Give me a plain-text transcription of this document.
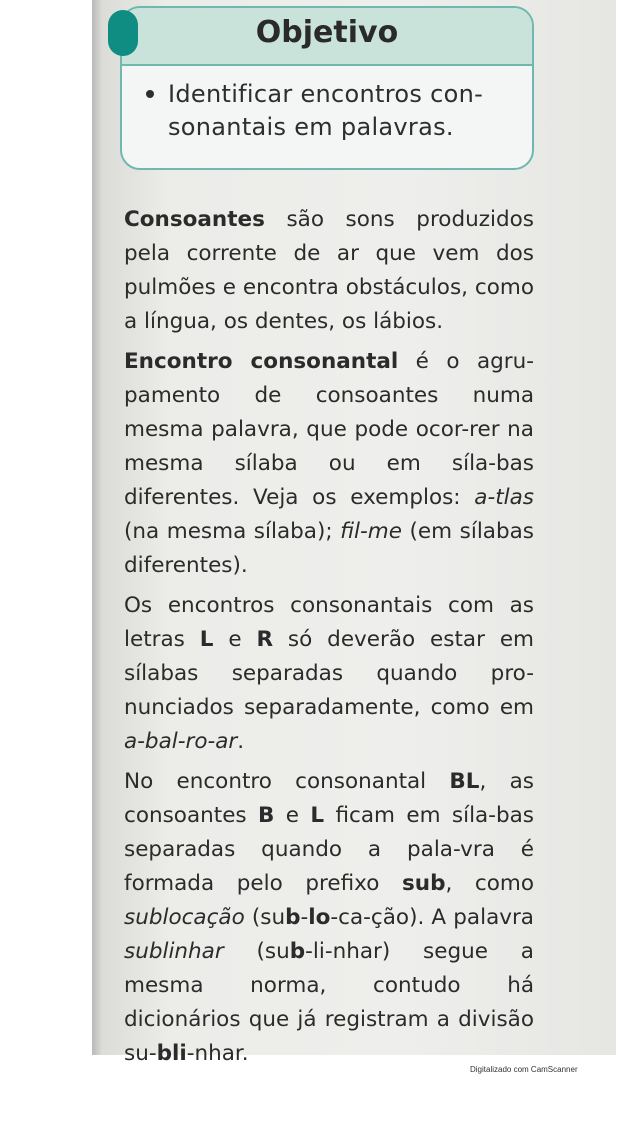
Objetivo
Identificar encontros con-sonantais em palavras.

Consoantes são sons produzidos pela corrente de ar que vem dos pulmões e encontra obstáculos, como a língua, os dentes, os lábios.

Encontro consonantal é o agru-pamento de consoantes numa mesma palavra, que pode ocor-rer na mesma sílaba ou em síla-bas diferentes. Veja os exemplos: a-tlas (na mesma sílaba); fil-me (em sílabas diferentes).

Os encontros consonantais com as letras L e R só deverão estar em sílabas separadas quando pro-nunciados separadamente, como em a-bal-ro-ar.

No encontro consonantal BL, as consoantes B e L ficam em síla-bas separadas quando a pala-vra é formada pelo prefixo sub, como sublocação (sub-lo-ca-ção). A palavra sublinhar (sub-li-nhar) segue a mesma norma, contudo há dicionários que já registram a divisão su-bli-nhar.

Digitalizado com CamScanner
